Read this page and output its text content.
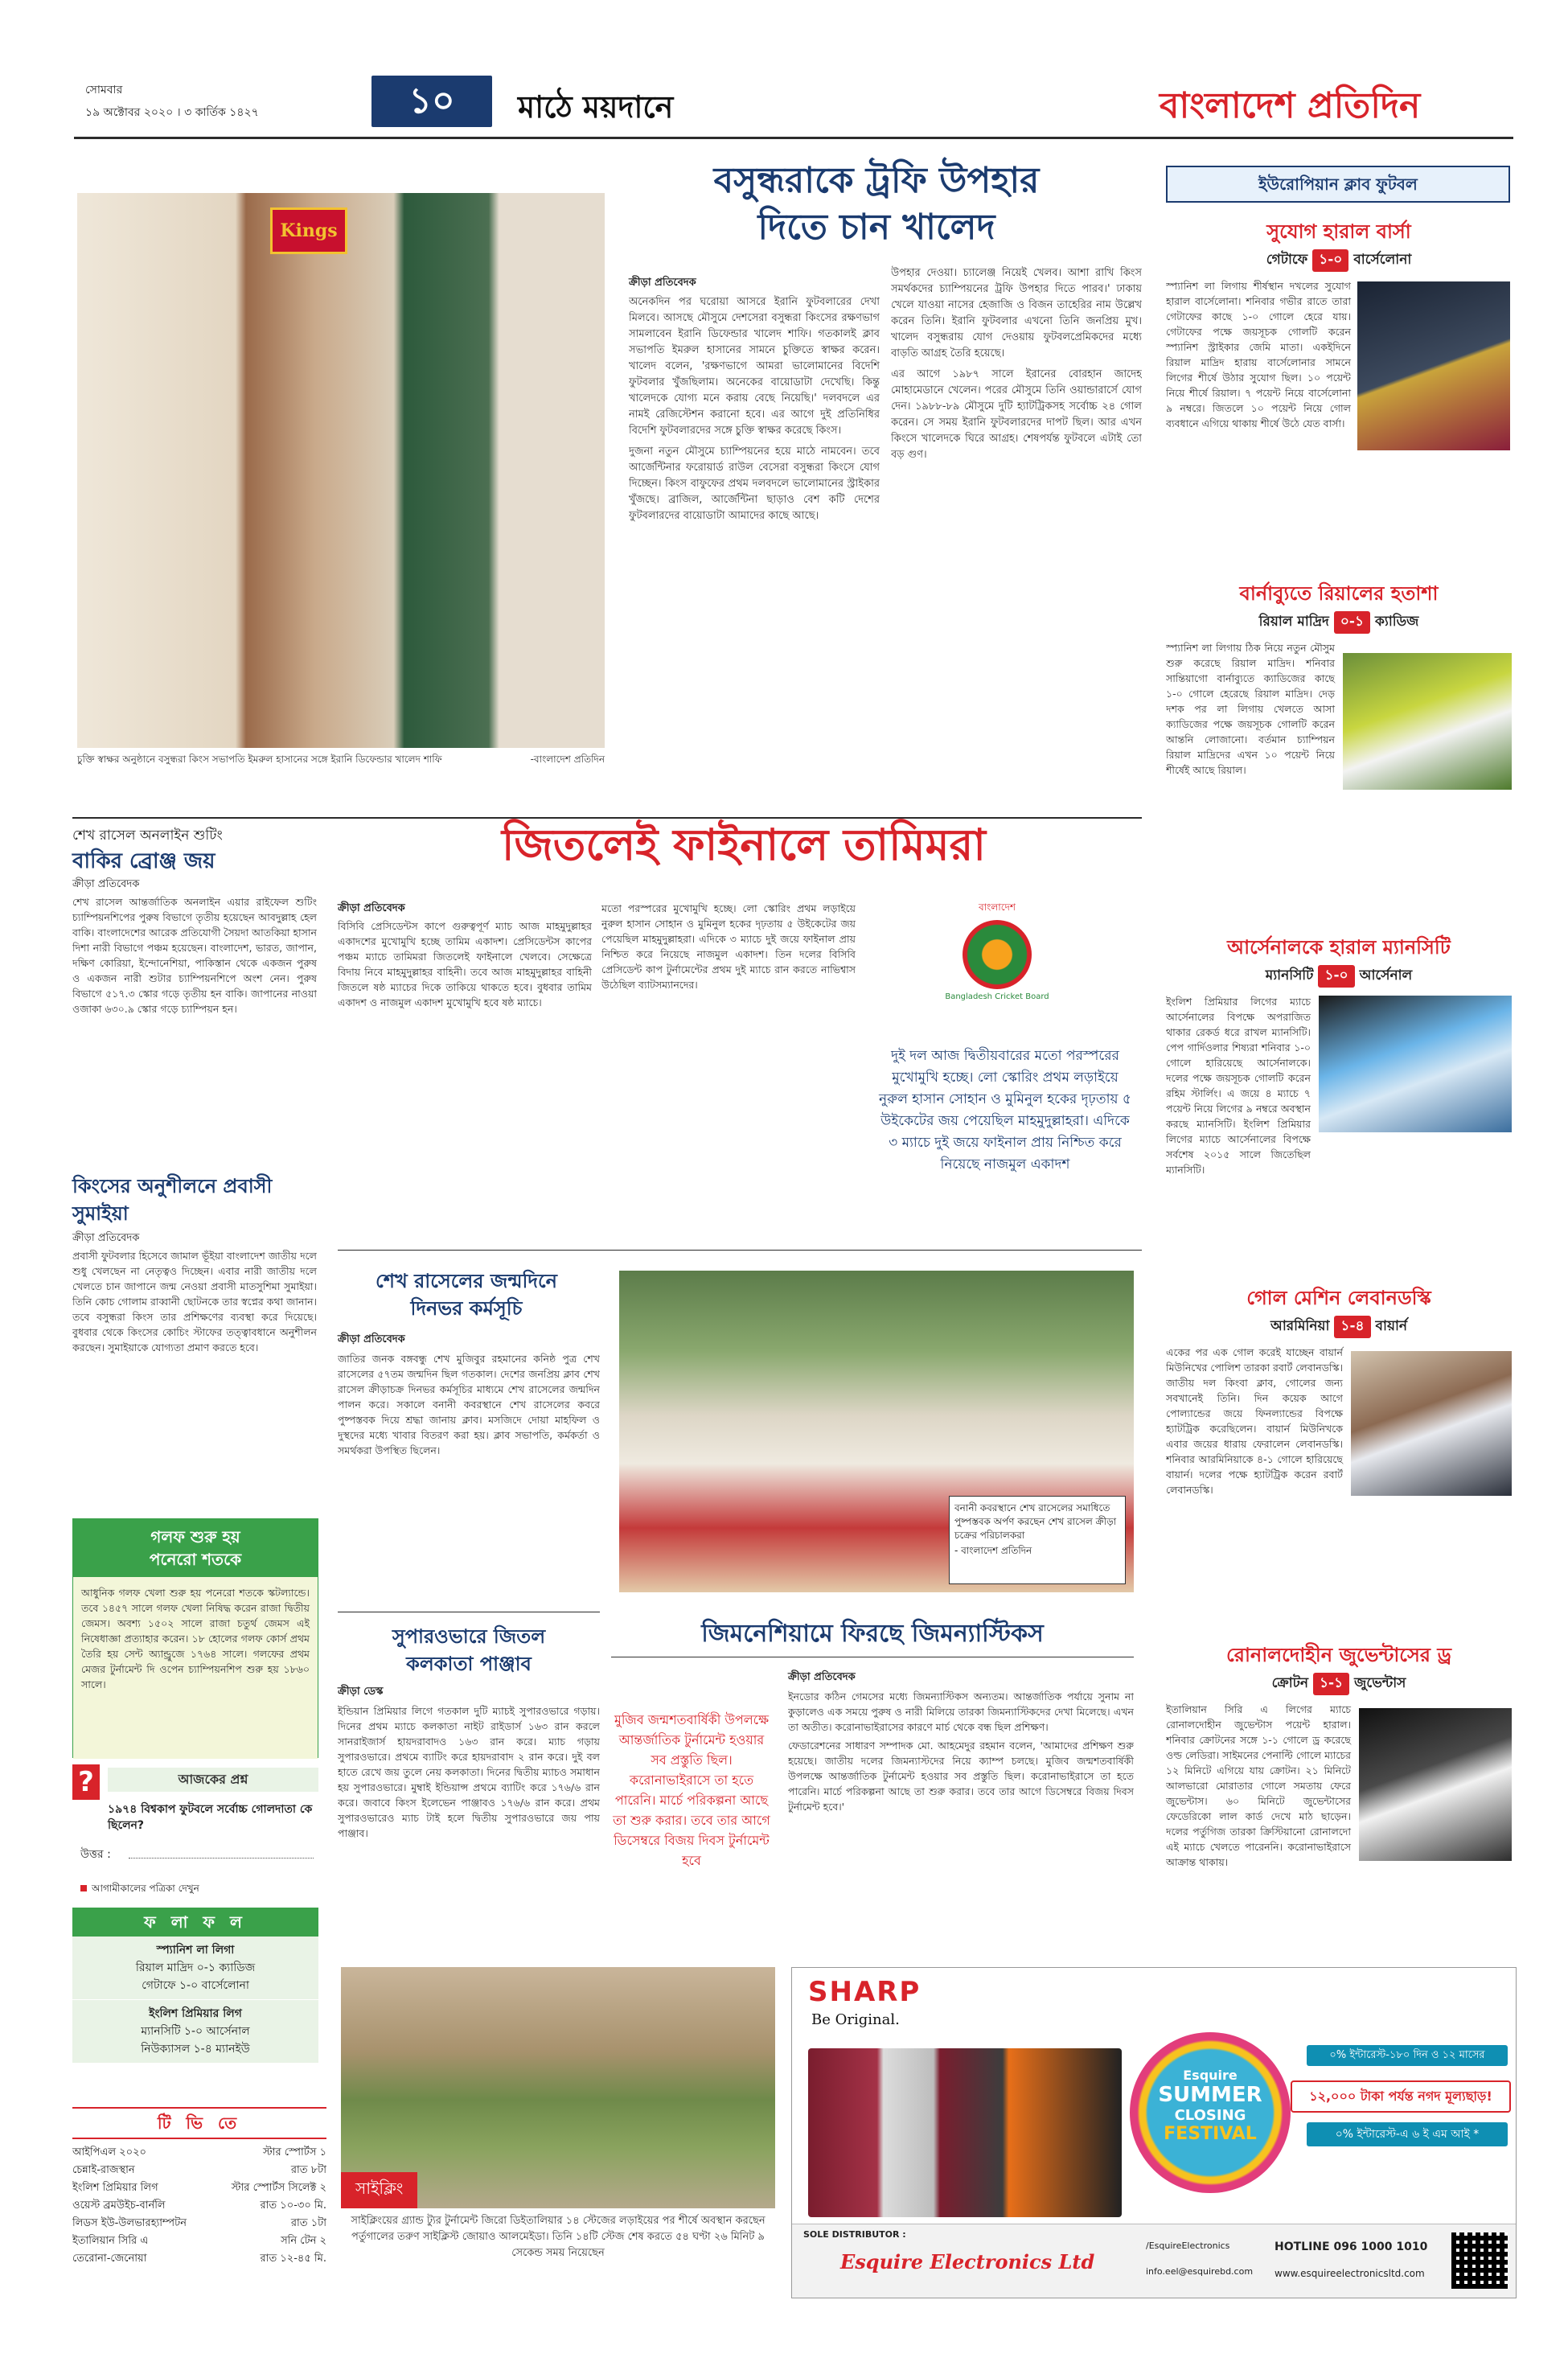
সোমবার
১৯ অক্টোবর ২০২০ । ৩ কার্তিক ১৪২৭	১০	মাঠে ময়দানে	বাংলাদেশ প্রতিদিন
Kings
চুক্তি স্বাক্ষর অনুষ্ঠানে বসুন্ধরা কিংস সভাপতি ইমরুল হাসানের সঙ্গে ইরানি ডিফেন্ডার খালেদ শাফি	-বাংলাদেশ প্রতিদিন
বসুন্ধরাকে ট্রফি উপহার
দিতে চান খালেদ
ক্রীড়া প্রতিবেদক

অনেকদিন পর ঘরোয়া আসরে ইরানি ফুটবলারের দেখা মিলবে। আসছে মৌসুমে দেশসেরা বসুন্ধরা কিংসের রক্ষণভাগ সামলাবেন ইরানি ডিফেন্ডার খালেদ শাফি। গতকালই ক্লাব সভাপতি ইমরুল হাসানের সামনে চুক্তিতে স্বাক্ষর করেন। খালেদ বলেন, 'রক্ষণভাগে আমরা ভালোমানের বিদেশি ফুটবলার খুঁজছিলাম। অনেকের বায়োডাটা দেখেছি। কিন্তু খালেদকে যোগ্য মনে করায় বেছে নিয়েছি।' দলবদলে এর নামই রেজিস্টেশন করানো হবে। এর আগে দুই প্রতিনিধির বিদেশি ফুটবলারদের সঙ্গে চুক্তি স্বাক্ষর করেছে কিংস।

দুজনা নতুন মৌসুমে চ্যাম্পিয়নের হয়ে মাঠে নামবেন। তবে আর্জেন্টিনার ফরোয়ার্ড রাউল বেসেরা বসুন্ধরা কিংসে যোগ দিচ্ছেন। কিংস বাফুফের প্রথম দলবদলে ভালোমানের স্ট্রাইকার খুঁজছে। ব্রাজিল, আর্জেন্টিনা ছাড়াও বেশ কটি দেশের ফুটবলারদের বায়োডাটা আমাদের কাছে আছে।

উপহার দেওয়া। চ্যালেঞ্জ নিয়েই খেলব। আশা রাখি কিংস সমর্থকদের চ্যাম্পিয়নের ট্রফি উপহার দিতে পারব।' ঢাকায় খেলে যাওয়া নাসের হেজাজি ও বিজন তাহেরির নাম উল্লেখ করেন তিনি। ইরানি ফুটবলার এখনো তিনি জনপ্রিয় মুখ। খালেদ বসুন্ধরায় যোগ দেওয়ায় ফুটবলপ্রেমিকদের মধ্যে বাড়তি আগ্রহ তৈরি হয়েছে।

এর আগে ১৯৮৭ সালে ইরানের বোরহান জাদেহ মোহামেডানে খেলেন। পরের মৌসুমে তিনি ওয়ান্ডারার্সে যোগ দেন। ১৯৮৮-৮৯ মৌসুমে দুটি হ্যাটট্রিকসহ সর্বোচ্চ ২৪ গোল করেন। সে সময় ইরানি ফুটবলারদের দাপট ছিল। আর এখন কিংসে খালেদকে ঘিরে আগ্রহ। শেষপর্যন্ত ফুটবলে এটাই তো বড় গুণ।

ইউরোপিয়ান ক্লাব ফুটবল
সুযোগ হারাল বার্সা
গেটাফে ১-০ বার্সেলোনা
স্প্যানিশ লা লিগায় শীর্ষস্থান দখলের সুযোগ হারাল বার্সেলোনা। শনিবার গভীর রাতে তারা গেটাফের কাছে ১-০ গোলে হেরে যায়। গেটাফের পক্ষে জয়সূচক গোলটি করেন স্প্যানিশ স্ট্রাইকার জেমি মাতা। একইদিনে রিয়াল মাদ্রিদ হারায় বার্সেলোনার সামনে লিগের শীর্ষে উঠার সুযোগ ছিল। ১০ পয়েন্ট নিয়ে শীর্ষে রিয়াল। ৭ পয়েন্ট নিয়ে বার্সেলোনা ৯ নম্বরে। জিতলে ১০ পয়েন্ট নিয়ে গোল ব্যবধানে এগিয়ে থাকায় শীর্ষে উঠে যেত বার্সা।
বার্নাব্যুতে রিয়ালের হতাশা
রিয়াল মাদ্রিদ ০-১ ক্যাডিজ
স্প্যানিশ লা লিগায় ঠিক নিয়ে নতুন মৌসুম শুরু করেছে রিয়াল মাদ্রিদ। শনিবার সান্তিয়াগো বার্নাব্যুতে ক্যাডিজের কাছে ১-০ গোলে হেরেছে রিয়াল মাদ্রিদ। দেড় দশক পর লা লিগায় খেলতে আসা ক্যাডিজের পক্ষে জয়সূচক গোলটি করেন আন্তনি লোজানো। বর্তমান চ্যাম্পিয়ন রিয়াল মাদ্রিদের এখন ১০ পয়েন্ট নিয়ে শীর্ষেই আছে রিয়াল।
আর্সেনালকে হারাল ম্যানসিটি
ম্যানসিটি ১-০ আর্সেনাল
ইংলিশ প্রিমিয়ার লিগের ম্যাচে আর্সেনালের বিপক্ষে অপরাজিত থাকার রেকর্ড ধরে রাখল ম্যানসিটি। পেপ গার্দিওলার শিষ্যরা শনিবার ১-০ গোলে হারিয়েছে আর্সেনালকে। দলের পক্ষে জয়সূচক গোলটি করেন রহিম স্টার্লিং। এ জয়ে ৪ ম্যাচে ৭ পয়েন্ট নিয়ে লিগের ৯ নম্বরে অবস্থান করছে ম্যানসিটি। ইংলিশ প্রিমিয়ার লিগের ম্যাচে আর্সেনালের বিপক্ষে সর্বশেষ ২০১৫ সালে জিতেছিল ম্যানসিটি।
গোল মেশিন লেবানডস্কি
আরমিনিয়া ১-৪ বায়ার্ন
একের পর এক গোল করেই যাচ্ছেন বায়ার্ন মিউনিখের পোলিশ তারকা রবার্ট লেবানডস্কি। জাতীয় দল কিংবা ক্লাব, গোলের জন্য সবখানেই তিনি। দিন কয়েক আগে পোল্যান্ডের জয়ে ফিনল্যান্ডের বিপক্ষে হ্যাটট্রিক করেছিলেন। বায়ার্ন মিউনিখকে এবার জয়ের ধারায় ফেরালেন লেবানডস্কি। শনিবার আরমিনিয়াকে ৪-১ গোলে হারিয়েছে বায়ার্ন। দলের পক্ষে হ্যাটট্রিক করেন রবার্ট লেবানডস্কি।
রোনালদোহীন জুভেন্টাসের ড্র
ক্রোটন ১-১ জুভেন্টাস
ইতালিয়ান সিরি এ লিগের ম্যাচে রোনালদোহীন জুভেন্টাস পয়েন্ট হারাল। শনিবার ক্রোটনের সঙ্গে ১-১ গোলে ড্র করেছে ওল্ড লেডিরা। সাইমনের পেনাল্টি গোলে ম্যাচের ১২ মিনিটে এগিয়ে যায় ক্রোটন। ২১ মিনিটে আলভারো মোরাতার গোলে সমতায় ফেরে জুভেন্টাস। ৬০ মিনিটে জুভেন্টাসের ফেডেরিকো লাল কার্ড দেখে মাঠ ছাড়েন। দলের পর্তুগিজ তারকা ক্রিস্টিয়ানো রোনালদো এই ম্যাচে খেলতে পারেননি। করোনাভাইরাসে আক্রান্ত থাকায়।
শেখ রাসেল অনলাইন শুটিং
বাকির ব্রোঞ্জ জয়
ক্রীড়া প্রতিবেদক
শেখ রাসেল আন্তর্জাতিক অনলাইন এয়ার রাইফেল শুটিং চ্যাম্পিয়নশিপের পুরুষ বিভাগে তৃতীয় হয়েছেন আবদুল্লাহ হেল বাকি। বাংলাদেশের আরেক প্রতিযোগী সৈয়দা আতকিয়া হাসান দিশা নারী বিভাগে পঞ্চম হয়েছেন। বাংলাদেশ, ভারত, জাপান, দক্ষিণ কোরিয়া, ইন্দোনেশিয়া, পাকিস্তান থেকে একজন পুরুষ ও একজন নারী শুটার চ্যাম্পিয়নশিপে অংশ নেন। পুরুষ বিভাগে ৫১৭.৩ স্কোর গড়ে তৃতীয় হন বাকি। জাপানের নাওয়া ওজাকা ৬৩০.৯ স্কোর গড়ে চ্যাম্পিয়ন হন।
কিংসের অনুশীলনে প্রবাসী সুমাইয়া
ক্রীড়া প্রতিবেদক
প্রবাসী ফুটবলার হিসেবে জামাল ভূঁইয়া বাংলাদেশ জাতীয় দলে শুধু খেলছেন না নেতৃত্বও দিচ্ছেন। এবার নারী জাতীয় দলে খেলতে চান জাপানে জন্ম নেওয়া প্রবাসী মাতসুশিমা সুমাইয়া। তিনি কোচ গোলাম রাব্বানী ছোটনকে তার স্বপ্নের কথা জানান। তবে বসুন্ধরা কিংস তার প্রশিক্ষণের ব্যবস্থা করে দিয়েছে। বুধবার থেকে কিংসের কোচিং স্টাফের তত্ত্বাবধানে অনুশীলন করছেন। সুমাইয়াকে যোগ্যতা প্রমাণ করতে হবে।
গলফ শুরু হয়
পনেরো শতকে
আধুনিক গলফ খেলা শুরু হয় পনেরো শতকে স্কটল্যান্ডে। তবে ১৪৫৭ সালে গলফ খেলা নিষিদ্ধ করেন রাজা দ্বিতীয় জেমস। অবশ্য ১৫০২ সালে রাজা চতুর্থ জেমস এই নিষেধাজ্ঞা প্রত্যাহার করেন। ১৮ হোলের গলফ কোর্স প্রথম তৈরি হয় সেন্ট অ্যান্ড্রুজে ১৭৬৪ সালে। গলফের প্রথম মেজর টুর্নামেন্ট দি ওপেন চ্যাম্পিয়নশিপ শুরু হয় ১৮৬০ সালে।
?	আজকের প্রশ্ন
১৯৭৪ বিশ্বকাপ ফুটবলে সর্বোচ্চ গোলদাতা কে ছিলেন?
উত্তর :
আগামীকালের পত্রিকা দেখুন
ফ লা ফ ল
স্প্যানিশ লা লিগা
রিয়াল মাদ্রিদ ০-১ ক্যাডিজ
গেটাফে ১-০ বার্সেলোনা
ইংলিশ প্রিমিয়ার লিগ
ম্যানসিটি ১-০ আর্সেনাল
নিউক্যাসল ১-৪ ম্যানইউ
টি ভি তে
আইপিএল ২০২০	স্টার স্পোর্টস ১
চেন্নাই-রাজস্থান	রাত ৮টা
ইংলিশ প্রিমিয়ার লিগ	স্টার স্পোর্টস সিলেক্ট ২
ওয়েস্ট ব্রমউইচ-বার্নলি	রাত ১০-৩০ মি.
লিডস ইউ-উলভারহ্যাম্পটন	রাত ১টা
ইতালিয়ান সিরি এ	সনি টেন ২
তেরোনা-জেনোয়া	রাত ১২-৪৫ মি.
জিতলেই ফাইনালে তামিমরা
ক্রীড়া প্রতিবেদক
বিসিবি প্রেসিডেন্টস কাপে গুরুত্বপূর্ণ ম্যাচ আজ মাহমুদুল্লাহর একাদশের মুখোমুখি হচ্ছে তামিম একাদশ। প্রেসিডেন্টস কাপের পঞ্চম ম্যাচে তামিমরা জিতলেই ফাইনালে খেলবে। সেক্ষেত্রে বিদায় নিবে মাহমুদুল্লাহর বাহিনী। তবে আজ মাহমুদুল্লাহর বাহিনী জিতলে ষষ্ঠ ম্যাচের দিকে তাকিয়ে থাকতে হবে। বুধবার তামিম একাদশ ও নাজমুল একাদশ মুখোমুখি হবে ষষ্ঠ ম্যাচে।
মতো পরস্পরের মুখোমুখি হচ্ছে। লো স্কোরিং প্রথম লড়াইয়ে নুরুল হাসান সোহান ও মুমিনুল হকের দৃঢ়তায় ৫ উইকেটের জয় পেয়েছিল মাহমুদুল্লাহরা। এদিকে ৩ ম্যাচে দুই জয়ে ফাইনাল প্রায় নিশ্চিত করে নিয়েছে নাজমুল একাদশ। তিন দলের বিসিবি প্রেসিডেন্ট কাপ টুর্নামেন্টের প্রথম দুই ম্যাচে রান করতে নাভিশ্বাস উঠেছিল ব্যাটসম্যানদের।
বাংলাদেশ
Bangladesh Cricket Board
দুই দল আজ দ্বিতীয়বারের মতো পরস্পরের মুখোমুখি হচ্ছে। লো স্কোরিং প্রথম লড়াইয়ে নুরুল হাসান সোহান ও মুমিনুল হকের দৃঢ়তায় ৫ উইকেটের জয় পেয়েছিল মাহমুদুল্লাহরা। এদিকে ৩ ম্যাচে দুই জয়ে ফাইনাল প্রায় নিশ্চিত করে নিয়েছে নাজমুল একাদশ
শেখ রাসেলের জন্মদিনে
দিনভর কর্মসূচি
ক্রীড়া প্রতিবেদক
জাতির জনক বঙ্গবন্ধু শেখ মুজিবুর রহমানের কনিষ্ঠ পুত্র শেখ রাসেলের ৫৭তম জন্মদিন ছিল গতকাল। দেশের জনপ্রিয় ক্লাব শেখ রাসেল ক্রীড়াচক্র দিনভর কর্মসূচির মাধ্যমে শেখ রাসেলের জন্মদিন পালন করে। সকালে বনানী কবরস্থানে শেখ রাসেলের কবরে পুষ্পস্তবক দিয়ে শ্রদ্ধা জানায় ক্লাব। মসজিদে দোয়া মাহফিল ও দুস্থদের মধ্যে খাবার বিতরণ করা হয়। ক্লাব সভাপতি, কর্মকর্তা ও সমর্থকরা উপস্থিত ছিলেন।
বনানী কবরস্থানে শেখ রাসেলের সমাধিতে পুষ্পস্তবক অর্পণ করছেন শেখ রাসেল ক্রীড়া চক্রের পরিচালকরা
- বাংলাদেশ প্রতিদিন
সুপারওভারে জিতল
কলকাতা পাঞ্জাব
ক্রীড়া ডেস্ক
ইন্ডিয়ান প্রিমিয়ার লিগে গতকাল দুটি ম্যাচই সুপারওভারে গড়ায়। দিনের প্রথম ম্যাচে কলকাতা নাইট রাইডার্স ১৬৩ রান করলে সানরাইজার্স হায়দরাবাদও ১৬৩ রান করে। ম্যাচ গড়ায় সুপারওভারে। প্রথমে ব্যাটিং করে হায়দরাবাদ ২ রান করে। দুই বল হাতে রেখে জয় তুলে নেয় কলকাতা। দিনের দ্বিতীয় ম্যাচও সমাধান হয় সুপারওভারে। মুম্বাই ইন্ডিয়ান্স প্রথমে ব্যাটিং করে ১৭৬/৬ রান করে। জবাবে কিংস ইলেভেন পাঞ্জাবও ১৭৬/৬ রান করে। প্রথম সুপারওভারেও ম্যাচ টাই হলে দ্বিতীয় সুপারওভারে জয় পায় পাঞ্জাব।
জিমনেশিয়ামে ফিরছে জিমন্যাস্টিকস
ক্রীড়া প্রতিবেদক
মুজিব জন্মশতবার্ষিকী উপলক্ষে আন্তর্জাতিক টুর্নামেন্ট হওয়ার সব প্রস্তুতি ছিল। করোনাভাইরাসে তা হতে পারেনি। মার্চে পরিকল্পনা আছে তা শুরু করার। তবে তার আগে ডিসেম্বরে বিজয় দিবস টুর্নামেন্ট হবে

ইনডোর কঠিন গেমসের মধ্যে জিমন্যাস্টিকস অন্যতম। আন্তর্জাতিক পর্যায়ে সুনাম না কুড়ালেও এক সময়ে পুরুষ ও নারী মিলিয়ে তারকা জিমন্যাস্টিকদের দেখা মিলেছে। এখন তা অতীত। করোনাভাইরাসের কারণে মার্চ থেকে বন্ধ ছিল প্রশিক্ষণ।

ফেডারেশনের সাধারণ সম্পাদক মো. আহমেদুর রহমান বলেন, 'আমাদের প্রশিক্ষণ শুরু হয়েছে। জাতীয় দলের জিমন্যাস্টদের নিয়ে ক্যাম্প চলছে। মুজিব জন্মশতবার্ষিকী উপলক্ষে আন্তর্জাতিক টুর্নামেন্ট হওয়ার সব প্রস্তুতি ছিল। করোনাভাইরাসে তা হতে পারেনি। মার্চে পরিকল্পনা আছে তা শুরু করার। তবে তার আগে ডিসেম্বরে বিজয় দিবস টুর্নামেন্ট হবে।'

সাইক্লিং
সাইক্লিংয়ের গ্র্যান্ড ট্যুর টুর্নামেন্ট জিরো ডিইতালিয়ার ১৪ স্টেজের লড়াইয়ের পর শীর্ষে অবস্থান করছেন পর্তুগালের তরুণ সাইক্লিস্ট জোয়াও আলমেইডা। তিনি ১৪টি স্টেজ শেষ করতে ৫৪ ঘণ্টা ২৬ মিনিট ৯ সেকেন্ড সময় নিয়েছেন
SHARP
Be Original.
Esquire
SUMMER
CLOSING
FESTIVAL
০% ইন্টারেস্ট-১৮০ দিন ও ১২ মাসের
১২,০০০ টাকা পর্যন্ত নগদ মূল্যছাড়!
০% ইন্টারেস্ট-এ ৬ ই এম আই *
SOLE DISTRIBUTOR :
Esquire Electronics Ltd
/EsquireElectronics
info.eel@esquirebd.com
HOTLINE 096 1000 1010
www.esquireelectronicsltd.com
